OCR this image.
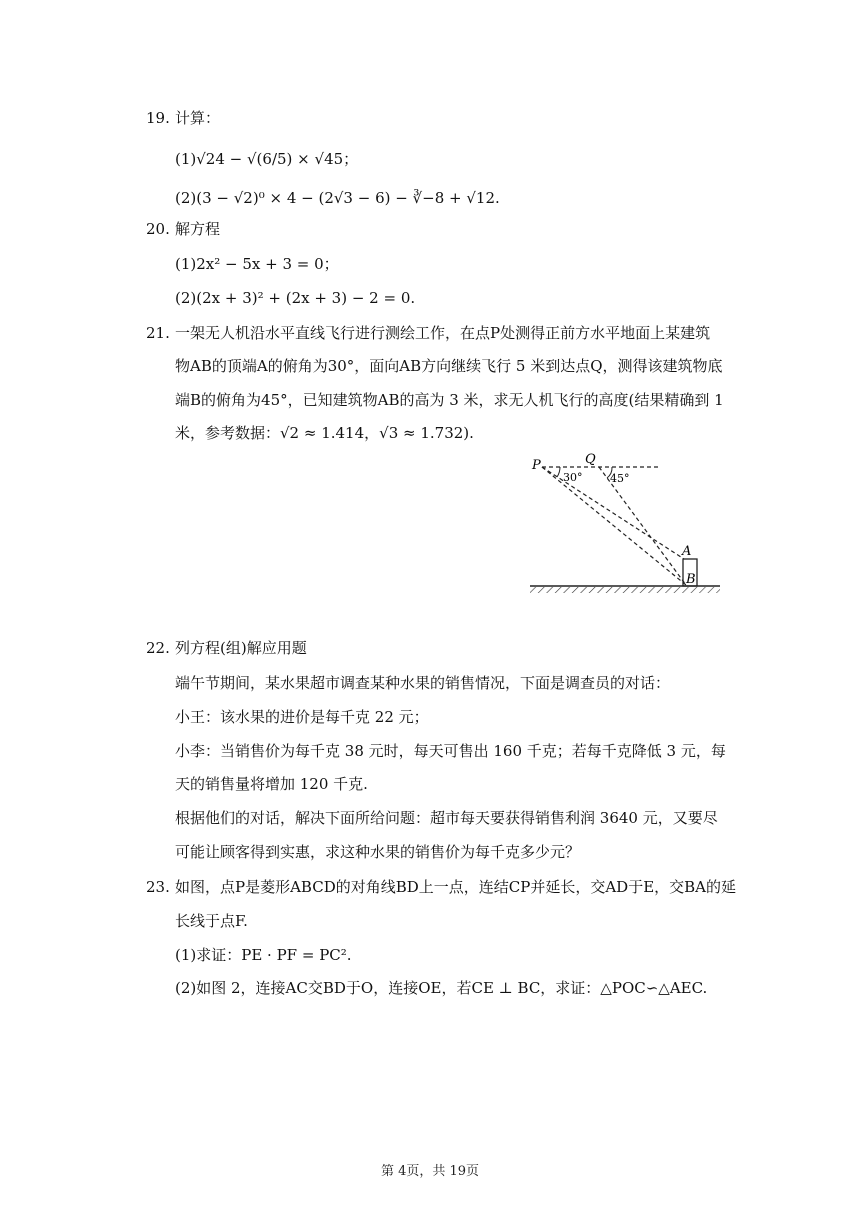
19. 计算：
(1)√24 − √(6/5) × √45；
(2)(3 − √2)⁰ × 4 − (2√3 − 6) − ∛−8 + √12.
20. 解方程
(1)2x² − 5x + 3 = 0；
(2)(2x + 3)² + (2x + 3) − 2 = 0.
21. 一架无人机沿水平直线飞行进行测绘工作，在点P处测得正前方水平地面上某建筑
物AB的顶端A的俯角为30°，面向AB方向继续飞行 5 米到达点Q，测得该建筑物底
端B的俯角为45°，已知建筑物AB的高为 3 米，求无人机飞行的高度(结果精确到 1
米，参考数据：√2 ≈ 1.414，√3 ≈ 1.732).
P	Q
30°	45°
A
B
22. 列方程(组)解应用题
端午节期间，某水果超市调查某种水果的销售情况，下面是调查员的对话：
小王：该水果的进价是每千克 22 元；
小李：当销售价为每千克 38 元时，每天可售出 160 千克；若每千克降低 3 元，每
天的销售量将增加 120 千克.
根据他们的对话，解决下面所给问题：超市每天要获得销售利润 3640 元，又要尽
可能让顾客得到实惠，求这种水果的销售价为每千克多少元？
23. 如图，点P是菱形ABCD的对角线BD上一点，连结CP并延长，交AD于E，交BA的延
长线于点F.
(1)求证：PE · PF = PC².
(2)如图 2，连接AC交BD于O，连接OE，若CE ⊥ BC，求证：△POC∽△AEC.
第 4页，共 19页
